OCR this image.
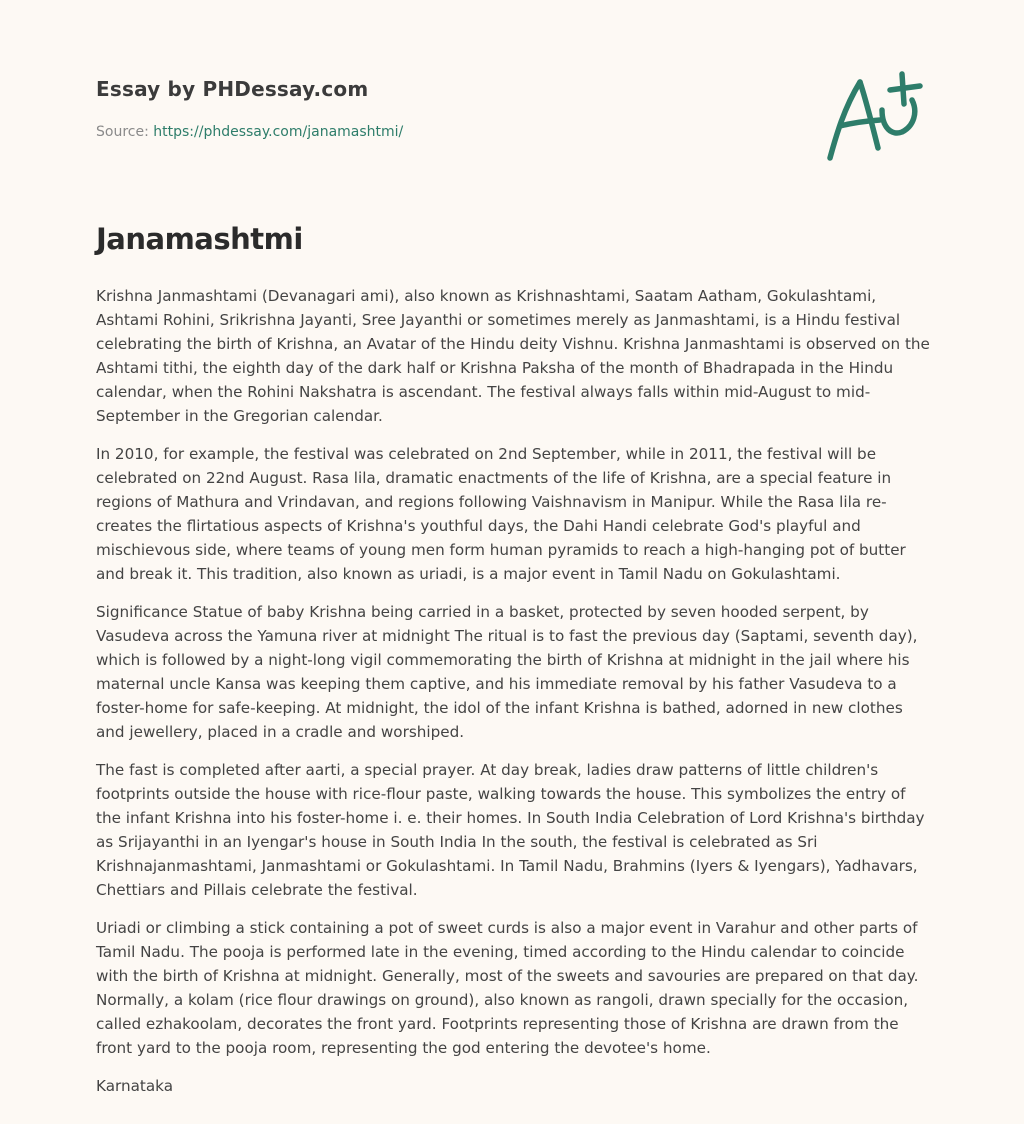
Essay by PHDessay.com
Source: https://phdessay.com/janamashtmi/
Janamashtmi

Krishna Janmashtami (Devanagari ami), also known as Krishnashtami, Saatam Aatham, Gokulashtami, Ashtami Rohini, Srikrishna Jayanti, Sree Jayanthi or sometimes merely as Janmashtami, is a Hindu festival celebrating the birth of Krishna, an Avatar of the Hindu deity Vishnu. Krishna Janmashtami is observed on the Ashtami tithi, the eighth day of the dark half or Krishna Paksha of the month of Bhadrapada in the Hindu calendar, when the Rohini Nakshatra is ascendant. The festival always falls within mid-August to mid-September in the Gregorian calendar.

In 2010, for example, the festival was celebrated on 2nd September, while in 2011, the festival will be celebrated on 22nd August. Rasa lila, dramatic enactments of the life of Krishna, are a special feature in regions of Mathura and Vrindavan, and regions following Vaishnavism in Manipur. While the Rasa lila re-creates the flirtatious aspects of Krishna's youthful days, the Dahi Handi celebrate God's playful and mischievous side, where teams of young men form human pyramids to reach a high-hanging pot of butter and break it. This tradition, also known as uriadi, is a major event in Tamil Nadu on Gokulashtami.

Significance Statue of baby Krishna being carried in a basket, protected by seven hooded serpent, by Vasudeva across the Yamuna river at midnight The ritual is to fast the previous day (Saptami, seventh day), which is followed by a night-long vigil commemorating the birth of Krishna at midnight in the jail where his maternal uncle Kansa was keeping them captive, and his immediate removal by his father Vasudeva to a foster-home for safe-keeping. At midnight, the idol of the infant Krishna is bathed, adorned in new clothes and jewellery, placed in a cradle and worshiped.

The fast is completed after aarti, a special prayer. At day break, ladies draw patterns of little children's footprints outside the house with rice-flour paste, walking towards the house. This symbolizes the entry of the infant Krishna into his foster-home i. e. their homes. In South India Celebration of Lord Krishna's birthday as Srijayanthi in an Iyengar's house in South India In the south, the festival is celebrated as Sri Krishnajanmashtami, Janmashtami or Gokulashtami. In Tamil Nadu, Brahmins (Iyers & Iyengars), Yadhavars, Chettiars and Pillais celebrate the festival.

Uriadi or climbing a stick containing a pot of sweet curds is also a major event in Varahur and other parts of Tamil Nadu. The pooja is performed late in the evening, timed according to the Hindu calendar to coincide with the birth of Krishna at midnight. Generally, most of the sweets and savouries are prepared on that day. Normally, a kolam (rice flour drawings on ground), also known as rangoli, drawn specially for the occasion, called ezhakoolam, decorates the front yard. Footprints representing those of Krishna are drawn from the front yard to the pooja room, representing the god entering the devotee's home.

Karnataka
